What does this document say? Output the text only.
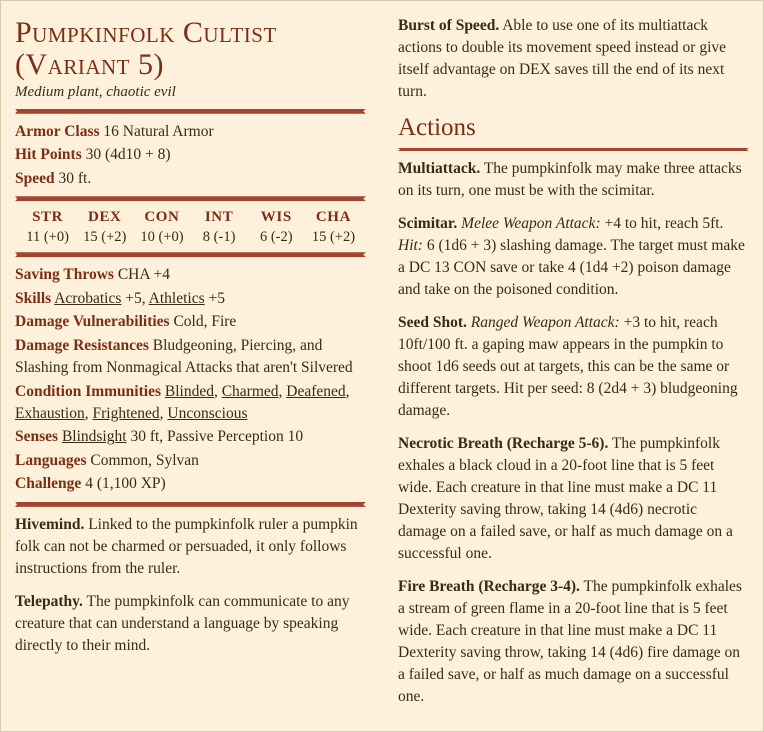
Pumpkinfolk Cultist
(Variant 5)
Medium plant, chaotic evil
Armor Class 16 Natural Armor
Hit Points 30 (4d10 + 8)
Speed 30 ft.
STR
11 (+0)
DEX
15 (+2)
CON
10 (+0)
INT
8 (-1)
WIS
6 (-2)
CHA
15 (+2)
Saving Throws CHA +4
Skills Acrobatics +5, Athletics +5
Damage Vulnerabilities Cold, Fire
Damage Resistances Bludgeoning, Piercing, and Slashing from Nonmagical Attacks that aren't Silvered
Condition Immunities Blinded, Charmed, Deafened, Exhaustion, Frightened, Unconscious
Senses Blindsight 30 ft, Passive Perception 10
Languages Common, Sylvan
Challenge 4 (1,100 XP)

Hivemind. Linked to the pumpkinfolk ruler a pumpkin folk can not be charmed or persuaded, it only follows instructions from the ruler.

Telepathy. The pumpkinfolk can communicate to any creature that can understand a language by speaking directly to their mind.

Burst of Speed. Able to use one of its multiattack actions to double its movement speed instead or give itself advantage on DEX saves till the end of its next turn.

Actions

Multiattack. The pumpkinfolk may make three attacks on its turn, one must be with the scimitar.

Scimitar. Melee Weapon Attack: +4 to hit, reach 5ft. Hit: 6 (1d6 + 3) slashing damage. The target must make a DC 13 CON save or take 4 (1d4 +2) poison damage and take on the poisoned condition.

Seed Shot. Ranged Weapon Attack: +3 to hit, reach 10ft/100 ft. a gaping maw appears in the pumpkin to shoot 1d6 seeds out at targets, this can be the same or different targets. Hit per seed: 8 (2d4 + 3) bludgeoning damage.

Necrotic Breath (Recharge 5-6). The pumpkinfolk exhales a black cloud in a 20-foot line that is 5 feet wide. Each creature in that line must make a DC 11 Dexterity saving throw, taking 14 (4d6) necrotic damage on a failed save, or half as much damage on a successful one.

Fire Breath (Recharge 3-4). The pumpkinfolk exhales a stream of green flame in a 20-foot line that is 5 feet wide. Each creature in that line must make a DC 11 Dexterity saving throw, taking 14 (4d6) fire damage on a failed save, or half as much damage on a successful one.
